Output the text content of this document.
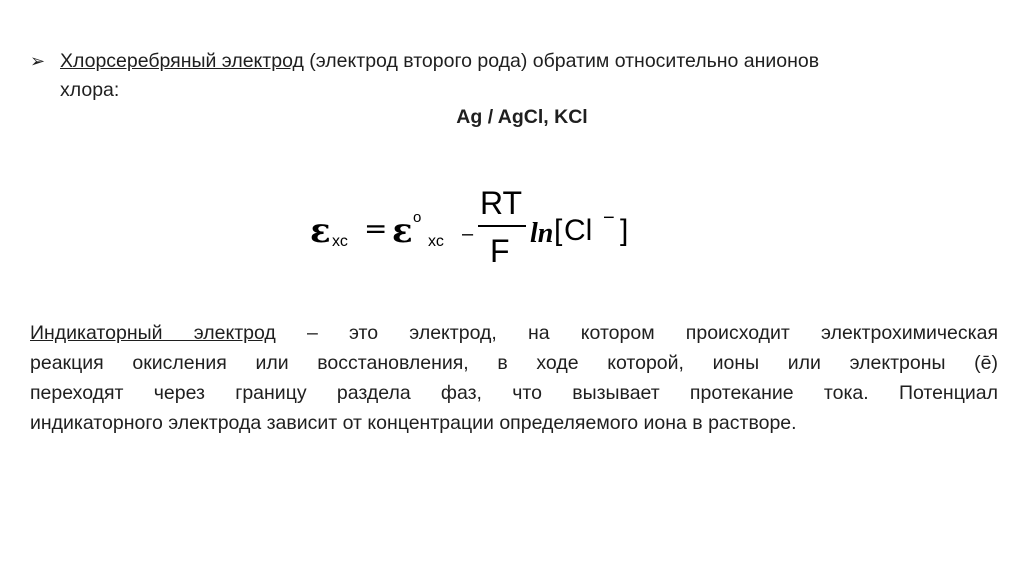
➢ Хлорсеребряный электрод (электрод второго рода) обратим относительно анионов
хлора:
Ag / AgCl, KCl
ε хс = ε o
хс –
RT
F ln [ Cl − ]
Индикаторный электрод – это электрод, на котором происходит электрохимическая
реакция окисления или восстановления, в ходе которой, ионы или электроны (ē)
переходят через границу раздела фаз, что вызывает протекание тока. Потенциал
индикаторного электрода зависит от концентрации определяемого иона в растворе.
